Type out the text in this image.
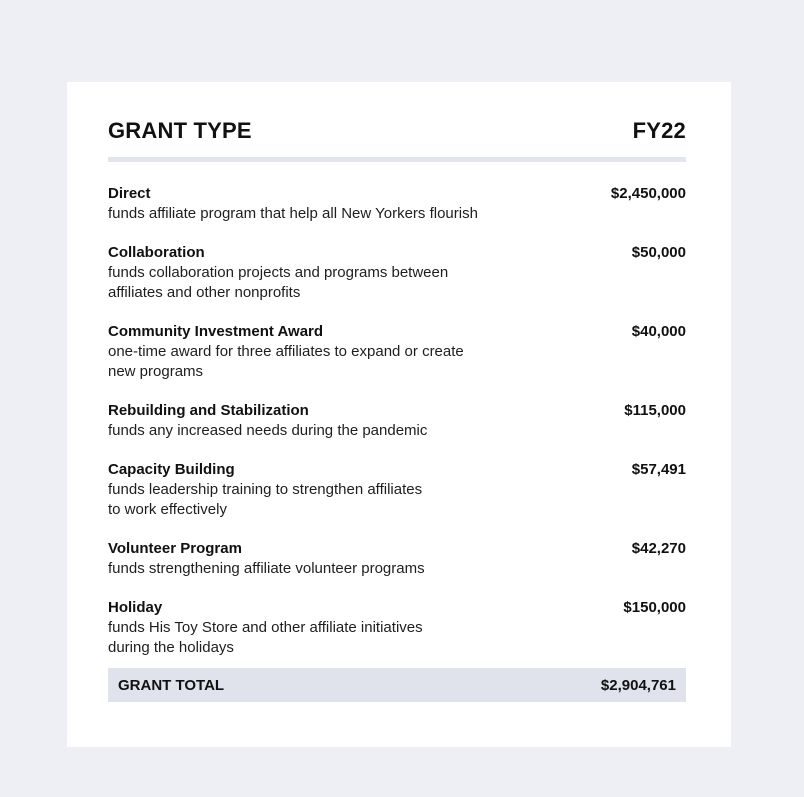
GRANT TYPE	FY22
Direct
funds affiliate program that help all New Yorkers flourish
$2,450,000
Collaboration
funds collaboration projects and programs between
affiliates and other nonprofits
$50,000
Community Investment Award
one-time award for three affiliates to expand or create
new programs
$40,000
Rebuilding and Stabilization
funds any increased needs during the pandemic
$115,000
Capacity Building
funds leadership training to strengthen affiliates
to work effectively
$57,491
Volunteer Program
funds strengthening affiliate volunteer programs
$42,270
Holiday
funds His Toy Store and other affiliate initiatives
during the holidays
$150,000
GRANT TOTAL	$2,904,761
